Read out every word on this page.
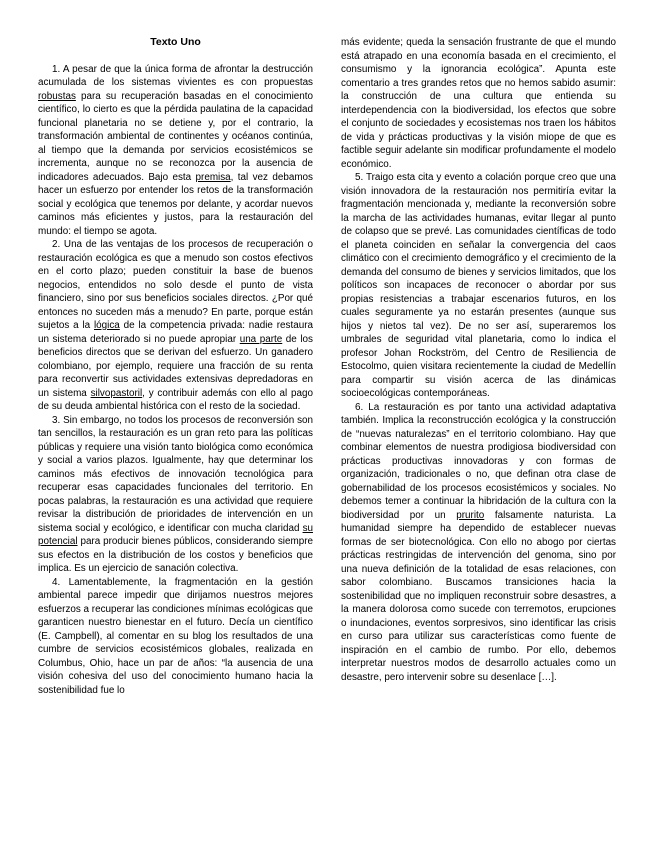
Texto Uno

1. A pesar de que la única forma de afrontar la destrucción acumulada de los sistemas vivientes es con propuestas robustas para su recuperación basadas en el conocimiento científico, lo cierto es que la pérdida paulatina de la capacidad funcional planetaria no se detiene y, por el contrario, la transformación ambiental de continentes y océanos continúa, al tiempo que la demanda por servicios ecosistémicos se incrementa, aunque no se reconozca por la ausencia de indicadores adecuados. Bajo esta premisa, tal vez debamos hacer un esfuerzo por entender los retos de la transformación social y ecológica que tenemos por delante, y acordar nuevos caminos más eficientes y justos, para la restauración del mundo: el tiempo se agota.

2. Una de las ventajas de los procesos de recuperación o restauración ecológica es que a menudo son costos efectivos en el corto plazo; pueden constituir la base de buenos negocios, entendidos no solo desde el punto de vista financiero, sino por sus beneficios sociales directos. ¿Por qué entonces no suceden más a menudo? En parte, porque están sujetos a la lógica de la competencia privada: nadie restaura un sistema deteriorado si no puede apropiar una parte de los beneficios directos que se derivan del esfuerzo. Un ganadero colombiano, por ejemplo, requiere una fracción de su renta para reconvertir sus actividades extensivas depredadoras en un sistema silvopastoril, y contribuir además con ello al pago de su deuda ambiental histórica con el resto de la sociedad.

3. Sin embargo, no todos los procesos de reconversión son tan sencillos, la restauración es un gran reto para las políticas públicas y requiere una visión tanto biológica como económica y social a varios plazos. Igualmente, hay que determinar los caminos más efectivos de innovación tecnológica para recuperar esas capacidades funcionales del territorio. En pocas palabras, la restauración es una actividad que requiere revisar la distribución de prioridades de intervención en un sistema social y ecológico, e identificar con mucha claridad su potencial para producir bienes públicos, considerando siempre sus efectos en la distribución de los costos y beneficios que implica. Es un ejercicio de sanación colectiva.

4. Lamentablemente, la fragmentación en la gestión ambiental parece impedir que dirijamos nuestros mejores esfuerzos a recuperar las condiciones mínimas ecológicas que garanticen nuestro bienestar en el futuro. Decía un científico (E. Campbell), al comentar en su blog los resultados de una cumbre de servicios ecosistémicos globales, realizada en Columbus, Ohio, hace un par de años: “la ausencia de una visión cohesiva del uso del conocimiento humano hacia la sostenibilidad fue lo

más evidente; queda la sensación frustrante de que el mundo está atrapado en una economía basada en el crecimiento, el consumismo y la ignorancia ecológica”. Apunta este comentario a tres grandes retos que no hemos sabido asumir: la construcción de una cultura que entienda su interdependencia con la biodiversidad, los efectos que sobre el conjunto de sociedades y ecosistemas nos traen los hábitos de vida y prácticas productivas y la visión miope de que es factible seguir adelante sin modificar profundamente el modelo económico.

5. Traigo esta cita y evento a colación porque creo que una visión innovadora de la restauración nos permitiría evitar la fragmentación mencionada y, mediante la reconversión sobre la marcha de las actividades humanas, evitar llegar al punto de colapso que se prevé. Las comunidades científicas de todo el planeta coinciden en señalar la convergencia del caos climático con el crecimiento demográfico y el crecimiento de la demanda del consumo de bienes y servicios limitados, que los políticos son incapaces de reconocer o abordar por sus propias resistencias a trabajar escenarios futuros, en los cuales seguramente ya no estarán presentes (aunque sus hijos y nietos tal vez). De no ser así, superaremos los umbrales de seguridad vital planetaria, como lo indica el profesor Johan Rockström, del Centro de Resiliencia de Estocolmo, quien visitara recientemente la ciudad de Medellín para compartir su visión acerca de las dinámicas socioecológicas contemporáneas.

6. La restauración es por tanto una actividad adaptativa también. Implica la reconstrucción ecológica y la construcción de “nuevas naturalezas” en el territorio colombiano. Hay que combinar elementos de nuestra prodigiosa biodiversidad con prácticas productivas innovadoras y con formas de organización, tradicionales o no, que definan otra clase de gobernabilidad de los procesos ecosistémicos y sociales. No debemos temer a continuar la hibridación de la cultura con la biodiversidad por un prurito falsamente naturista. La humanidad siempre ha dependido de establecer nuevas formas de ser biotecnológica. Con ello no abogo por ciertas prácticas restringidas de intervención del genoma, sino por una nueva definición de la totalidad de esas relaciones, con sabor colombiano. Buscamos transiciones hacia la sostenibilidad que no impliquen reconstruir sobre desastres, a la manera dolorosa como sucede con terremotos, erupciones o inundaciones, eventos sorpresivos, sino identificar las crisis en curso para utilizar sus características como fuente de inspiración en el cambio de rumbo. Por ello, debemos interpretar nuestros modos de desarrollo actuales como un desastre, pero intervenir sobre su desenlace […].
